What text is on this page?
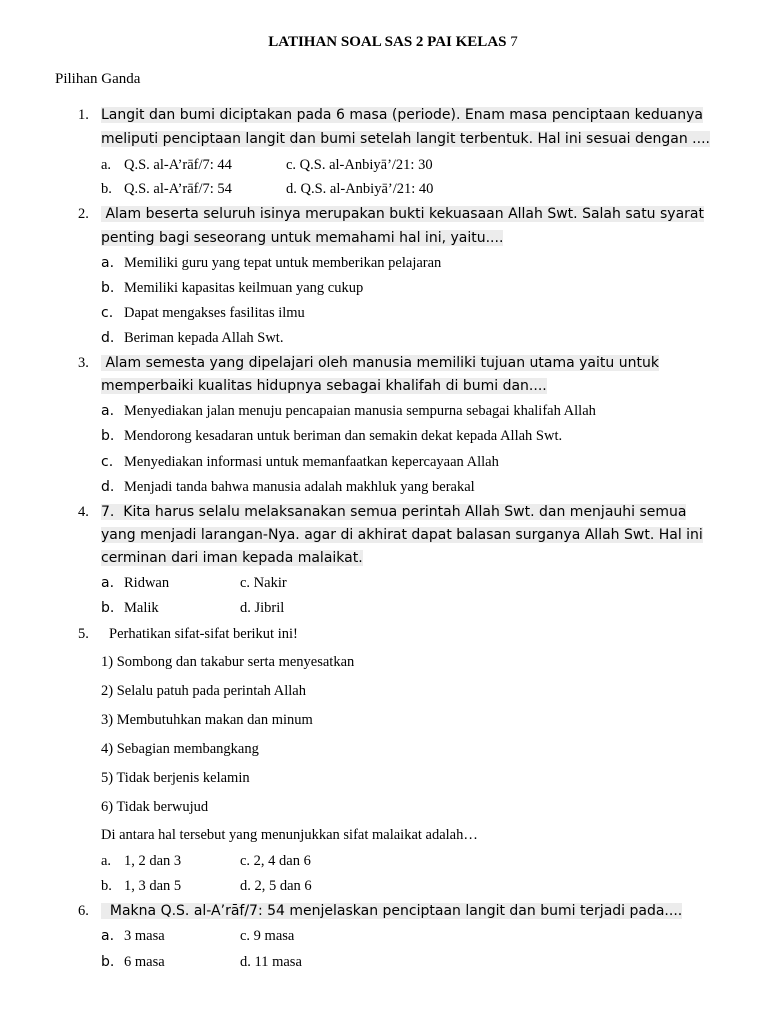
LATIHAN SOAL SAS 2 PAI KELAS 7
Pilihan Ganda
1. Langit dan bumi diciptakan pada 6 masa (periode). Enam masa penciptaan keduanya
meliputi penciptaan langit dan bumi setelah langit terbentuk. Hal ini sesuai dengan ....
a. Q.S. al-A’rāf/7: 44	c. Q.S. al-Anbiyā’/21: 30
b. Q.S. al-A’rāf/7: 54	d. Q.S. al-Anbiyā’/21: 40
2. Alam beserta seluruh isinya merupakan bukti kekuasaan Allah Swt. Salah satu syarat
penting bagi seseorang untuk memahami hal ini, yaitu....
a. Memiliki guru yang tepat untuk memberikan pelajaran
b. Memiliki kapasitas keilmuan yang cukup
c. Dapat mengakses fasilitas ilmu
d. Beriman kepada Allah Swt.
3. Alam semesta yang dipelajari oleh manusia memiliki tujuan utama yaitu untuk
memperbaiki kualitas hidupnya sebagai khalifah di bumi dan....
a. Menyediakan jalan menuju pencapaian manusia sempurna sebagai khalifah Allah
b. Mendorong kesadaran untuk beriman dan semakin dekat kepada Allah Swt.
c. Menyediakan informasi untuk memanfaatkan kepercayaan Allah
d. Menjadi tanda bahwa manusia adalah makhluk yang berakal
4. 7.  Kita harus selalu melaksanakan semua perintah Allah Swt. dan menjauhi semua
yang menjadi larangan-Nya. agar di akhirat dapat balasan surganya Allah Swt. Hal ini
cerminan dari iman kepada malaikat.
a. Ridwan	c. Nakir
b. Malik	d. Jibril
5. Perhatikan sifat-sifat berikut ini!
1) Sombong dan takabur serta menyesatkan
2) Selalu patuh pada perintah Allah
3) Membutuhkan makan dan minum
4) Sebagian membangkang
5) Tidak berjenis kelamin
6) Tidak berwujud
Di antara hal tersebut yang menunjukkan sifat malaikat adalah…
a. 1, 2 dan 3	c. 2, 4 dan 6
b. 1, 3 dan 5	d. 2, 5 dan 6
6. Makna Q.S. al-A’rāf/7: 54 menjelaskan penciptaan langit dan bumi terjadi pada....
a. 3 masa	c. 9 masa
b. 6 masa	d. 11 masa
